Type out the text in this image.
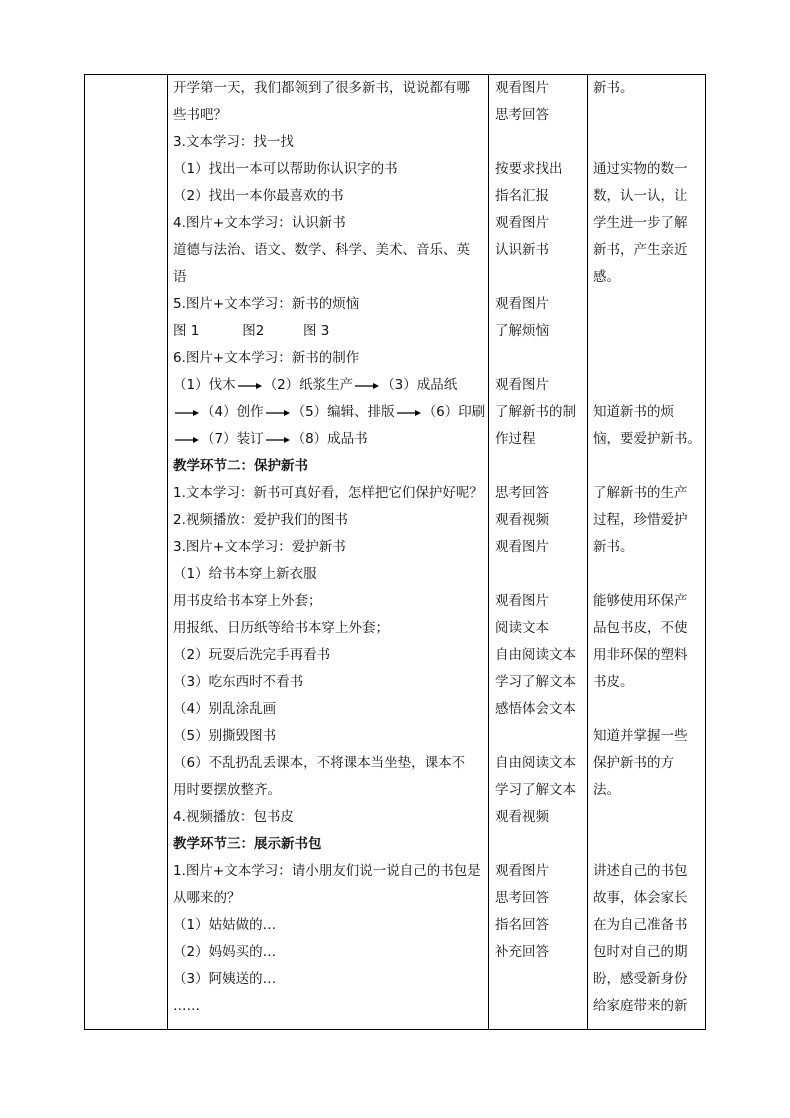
开学第一天，我们都领到了很多新书，说说都有哪
些书吧？
3.文本学习：找一找
（1）找出一本可以帮助你认识字的书
（2）找出一本你最喜欢的书
4.图片+文本学习：认识新书
道德与法治、语文、数学、科学、美术、音乐、英
语
5.图片+文本学习：新书的烦恼
图 1          图2         图 3
6.图片+文本学习：新书的制作
（1）伐木 （2）纸浆生产 （3）成品纸
（4）创作 （5）编辑、排版 （6）印刷
（7）装订 （8）成品书
教学环节二：保护新书
1.文本学习：新书可真好看，怎样把它们保护好呢？
2.视频播放：爱护我们的图书
3.图片+文本学习：爱护新书
（1）给书本穿上新衣服
用书皮给书本穿上外套；
用报纸、日历纸等给书本穿上外套；
（2）玩耍后洗完手再看书
（3）吃东西时不看书
（4）别乱涂乱画
（5）别撕毁图书
（6）不乱扔乱丢课本，不将课本当坐垫，课本不
用时要摆放整齐。
4.视频播放：包书皮
教学环节三：展示新书包
1.图片+文本学习：请小朋友们说一说自己的书包是
从哪来的？
（1）姑姑做的…
（2）妈妈买的…
（3）阿姨送的…
……
观看图片
思考回答
按要求找出
指名汇报
观看图片
认识新书
观看图片
了解烦恼
观看图片
了解新书的制
作过程
思考回答
观看视频
观看图片
观看图片
阅读文本
自由阅读文本
学习了解文本
感悟体会文本
自由阅读文本
学习了解文本
观看视频
观看图片
思考回答
指名回答
补充回答
新书。
通过实物的数一
数，认一认，让
学生进一步了解
新书，产生亲近
感。
知道新书的烦
恼，要爱护新书。
了解新书的生产
过程，珍惜爱护
新书。
能够使用环保产
品包书皮，不使
用非环保的塑料
书皮。
知道并掌握一些
保护新书的方
法。
讲述自己的书包
故事，体会家长
在为自己准备书
包时对自己的期
盼，感受新身份
给家庭带来的新
